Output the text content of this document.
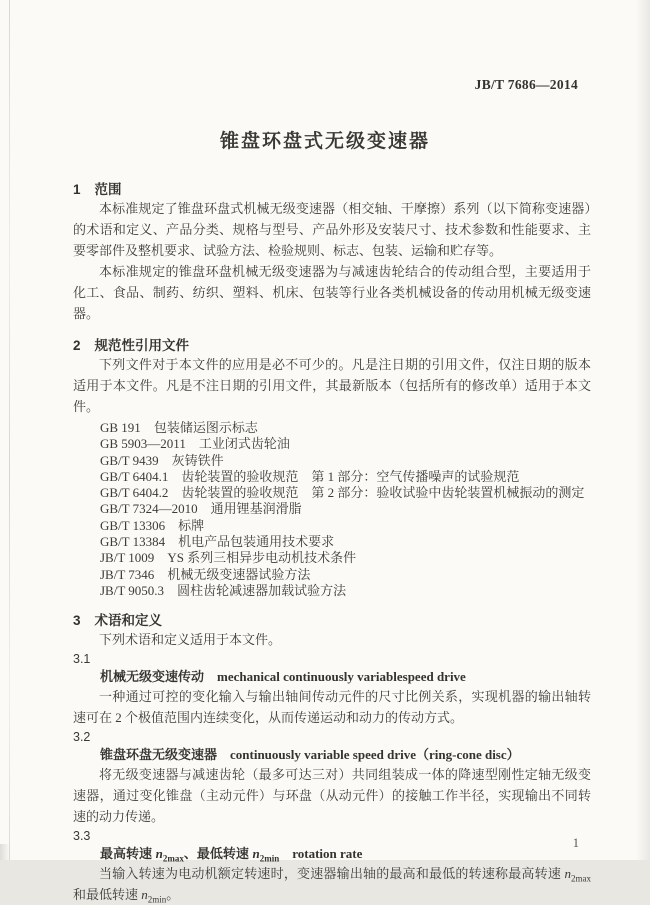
JB/T 7686—2014
锥盘环盘式无级变速器
1 范围

本标准规定了锥盘环盘式机械无级变速器（相交轴、干摩擦）系列（以下简称变速器）的术语和定义、产品分类、规格与型号、产品外形及安装尺寸、技术参数和性能要求、主要零部件及整机要求、试验方法、检验规则、标志、包装、运输和贮存等。

本标准规定的锥盘环盘机械无级变速器为与减速齿轮结合的传动组合型，主要适用于化工、食品、制药、纺织、塑料、机床、包装等行业各类机械设备的传动用机械无级变速器。

2 规范性引用文件

下列文件对于本文件的应用是必不可少的。凡是注日期的引用文件，仅注日期的版本适用于本文件。凡是不注日期的引用文件，其最新版本（包括所有的修改单）适用于本文件。

GB 191 包装储运图示标志
GB 5903—2011 工业闭式齿轮油
GB/T 9439 灰铸铁件
GB/T 6404.1 齿轮装置的验收规范　第 1 部分：空气传播噪声的试验规范
GB/T 6404.2 齿轮装置的验收规范　第 2 部分：验收试验中齿轮装置机械振动的测定
GB/T 7324—2010 通用锂基润滑脂
GB/T 13306 标牌
GB/T 13384 机电产品包装通用技术要求
JB/T 1009 YS 系列三相异步电动机技术条件
JB/T 7346 机械无级变速器试验方法
JB/T 9050.3 圆柱齿轮减速器加载试验方法
3 术语和定义

下列术语和定义适用于本文件。

3.1
机械无级变速传动 mechanical continuously variablespeed drive

一种通过可控的变化输入与输出轴间传动元件的尺寸比例关系，实现机器的输出轴转速可在 2 个极值范围内连续变化，从而传递运动和动力的传动方式。

3.2
锥盘环盘无级变速器 continuously variable speed drive（ring-cone disc）

将无级变速器与减速齿轮（最多可达三对）共同组装成一体的降速型刚性定轴无级变速器，通过变化锥盘（主动元件）与环盘（从动元件）的接触工作半径，实现输出不同转速的动力传递。

3.3
最高转速 $n_{2max}$、最低转速 $n_{2min}$ rotation rate

当输入转速为电动机额定转速时，变速器输出轴的最高和最低的转速称最高转速 $n_{2max}$ 和最低转速 $n_{2min}$。

1
